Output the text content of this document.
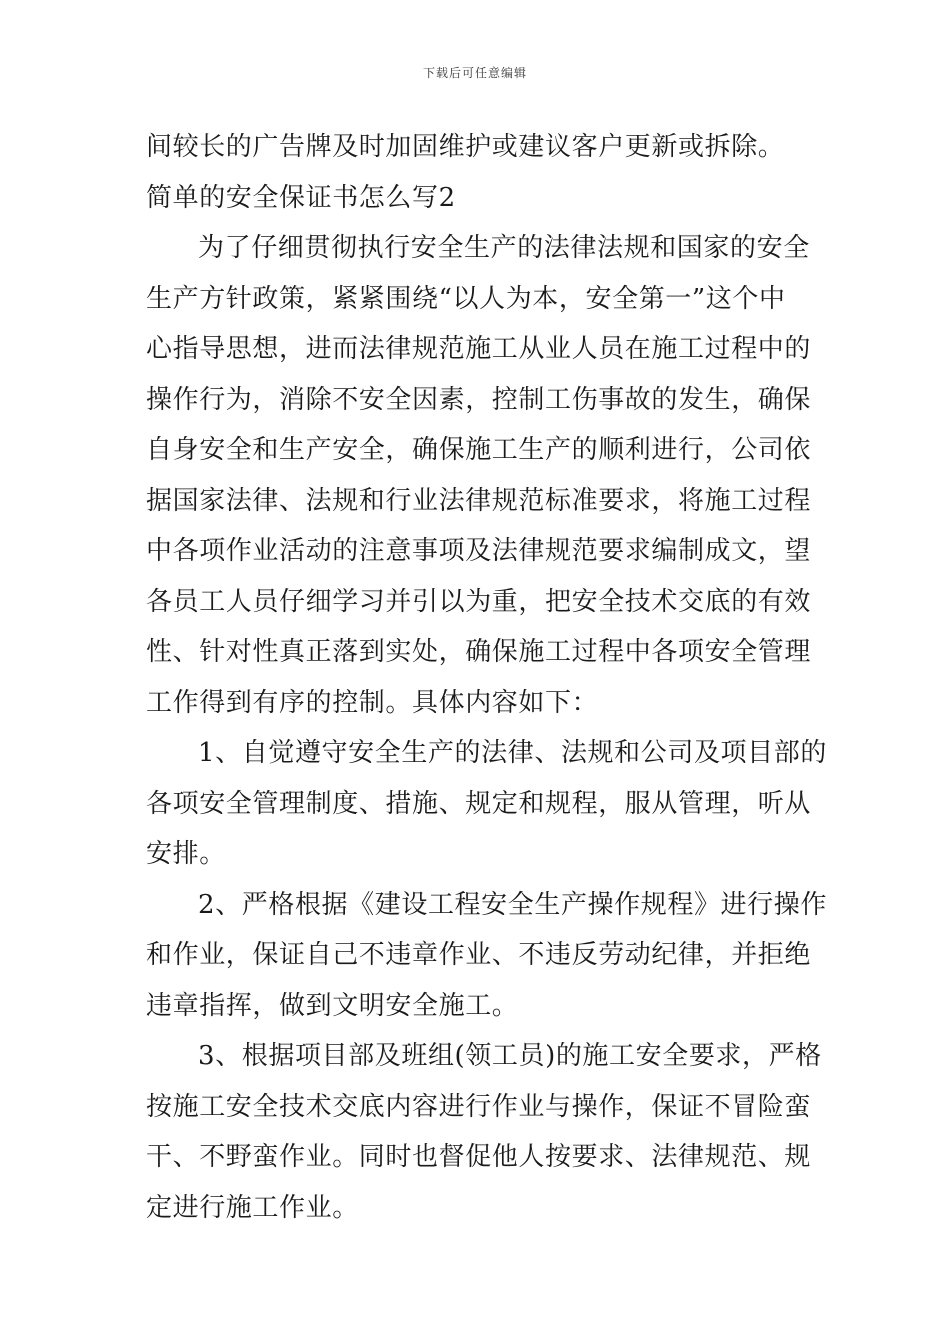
下载后可任意编辑
间较长的广告牌及时加固维护或建议客户更新或拆除。
简单的安全保证书怎么写2
为了仔细贯彻执行安全生产的法律法规和国家的安全
生产方针政策，紧紧围绕“以人为本，安全第一”这个中
心指导思想，进而法律规范施工从业人员在施工过程中的
操作行为，消除不安全因素，控制工伤事故的发生，确保
自身安全和生产安全，确保施工生产的顺利进行，公司依
据国家法律、法规和行业法律规范标准要求，将施工过程
中各项作业活动的注意事项及法律规范要求编制成文，望
各员工人员仔细学习并引以为重，把安全技术交底的有效
性、针对性真正落到实处，确保施工过程中各项安全管理
工作得到有序的控制。具体内容如下：
1、自觉遵守安全生产的法律、法规和公司及项目部的
各项安全管理制度、措施、规定和规程，服从管理，听从
安排。
2、严格根据《建设工程安全生产操作规程》进行操作
和作业，保证自己不违章作业、不违反劳动纪律，并拒绝
违章指挥，做到文明安全施工。
3、根据项目部及班组(领工员)的施工安全要求，严格
按施工安全技术交底内容进行作业与操作，保证不冒险蛮
干、不野蛮作业。同时也督促他人按要求、法律规范、规
定进行施工作业。
